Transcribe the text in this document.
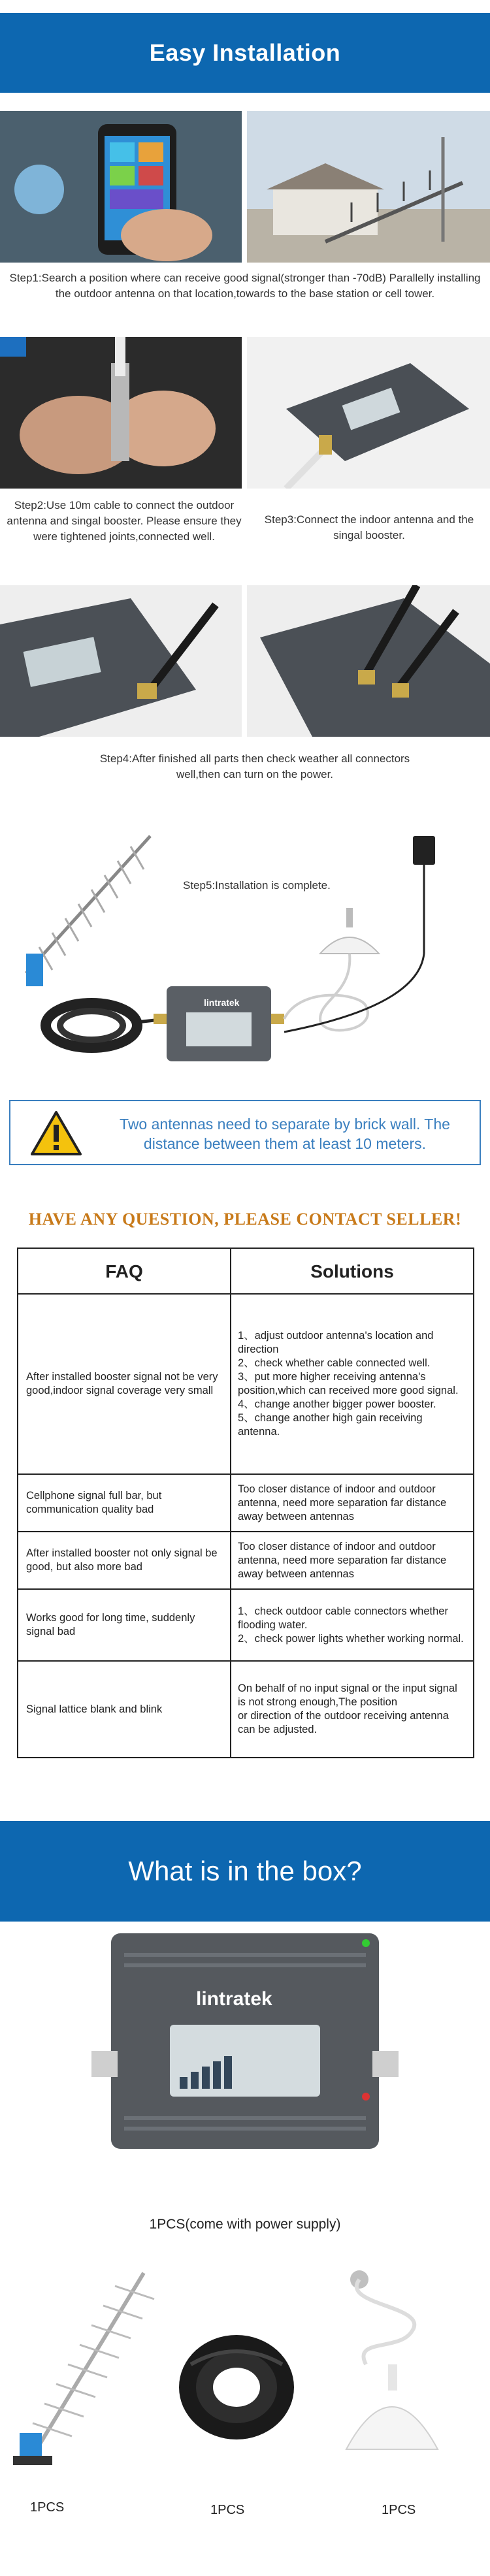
Easy Installation
Step1:Search a position where can receive good signal(stronger than -70dB) Parallelly installing the outdoor antenna on that location,towards to the base station or cell tower.
Step2:Use 10m cable to connect the outdoor antenna and singal booster. Please ensure they were tightened joints,connected well.
Step3:Connect the indoor antenna and the singal booster.
Step4:After finished all parts then check weather all connectors well,then can turn on the power.
lintratek
Step5:Installation is complete.
Two antennas need to separate by brick wall. The distance between them at least 10 meters.
HAVE ANY QUESTION, PLEASE CONTACT SELLER!
FAQ	Solutions
After installed booster signal not be very good,indoor signal coverage very small	1、adjust outdoor antenna's location and direction
2、check whether cable connected well.
3、put more higher receiving antenna's position,which can received more good signal.
4、change another bigger power booster.
5、change another high gain receiving antenna.
Cellphone signal full bar, but communication quality bad	Too closer distance of indoor and outdoor antenna, need more separation far distance away between antennas
After installed booster not only signal be good, but also more bad	Too closer distance of indoor and outdoor antenna, need more separation far distance away between antennas
Works good for long time, suddenly signal bad	1、check outdoor cable connectors whether flooding water.
2、check power lights whether working normal.
Signal lattice blank and blink	On behalf of no input signal or the input signal is not strong enough,The position
or direction of the outdoor receiving antenna can be adjusted.
What is in the box?
lintratek
1PCS(come with power supply)
1PCS	1PCS	1PCS
